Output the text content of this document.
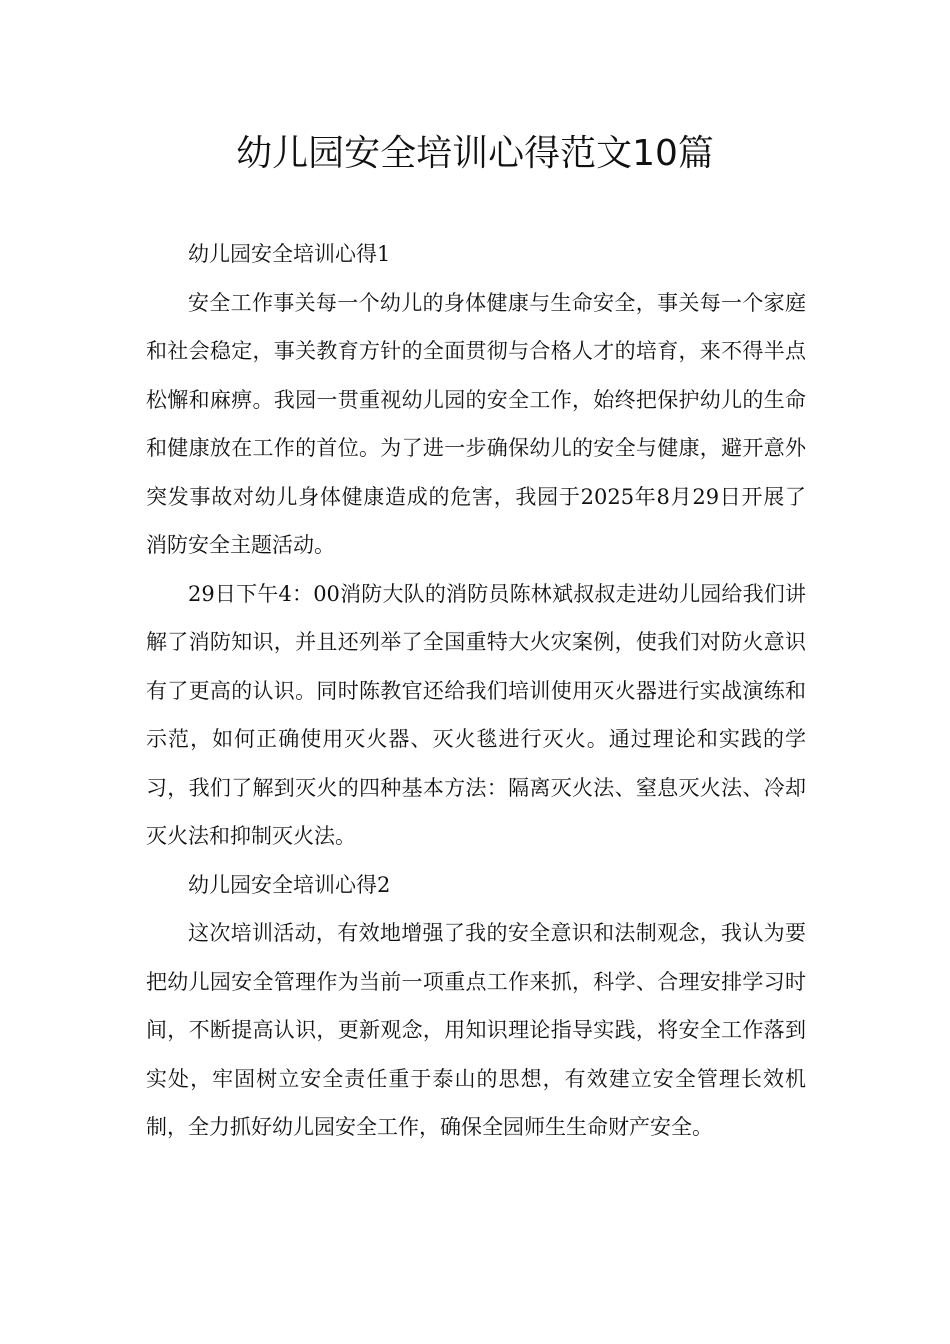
幼儿园安全培训心得范文10篇

幼儿园安全培训心得1

安全工作事关每一个幼儿的身体健康与生命安全，事关每一个家庭和社会稳定，事关教育方针的全面贯彻与合格人才的培育，来不得半点松懈和麻痹。我园一贯重视幼儿园的安全工作，始终把保护幼儿的生命和健康放在工作的首位。为了进一步确保幼儿的安全与健康，避开意外突发事故对幼儿身体健康造成的危害，我园于2025年8月29日开展了消防安全主题活动。

29日下午4：00消防大队的消防员陈林斌叔叔走进幼儿园给我们讲解了消防知识，并且还列举了全国重特大火灾案例，使我们对防火意识有了更高的认识。同时陈教官还给我们培训使用灭火器进行实战演练和示范，如何正确使用灭火器、灭火毯进行灭火。通过理论和实践的学习，我们了解到灭火的四种基本方法：隔离灭火法、窒息灭火法、冷却灭火法和抑制灭火法。

幼儿园安全培训心得2

这次培训活动，有效地增强了我的安全意识和法制观念，我认为要把幼儿园安全管理作为当前一项重点工作来抓，科学、合理安排学习时间，不断提高认识，更新观念，用知识理论指导实践，将安全工作落到实处，牢固树立安全责任重于泰山的思想，有效建立安全管理长效机制，全力抓好幼儿园安全工作，确保全园师生生命财产安全。
